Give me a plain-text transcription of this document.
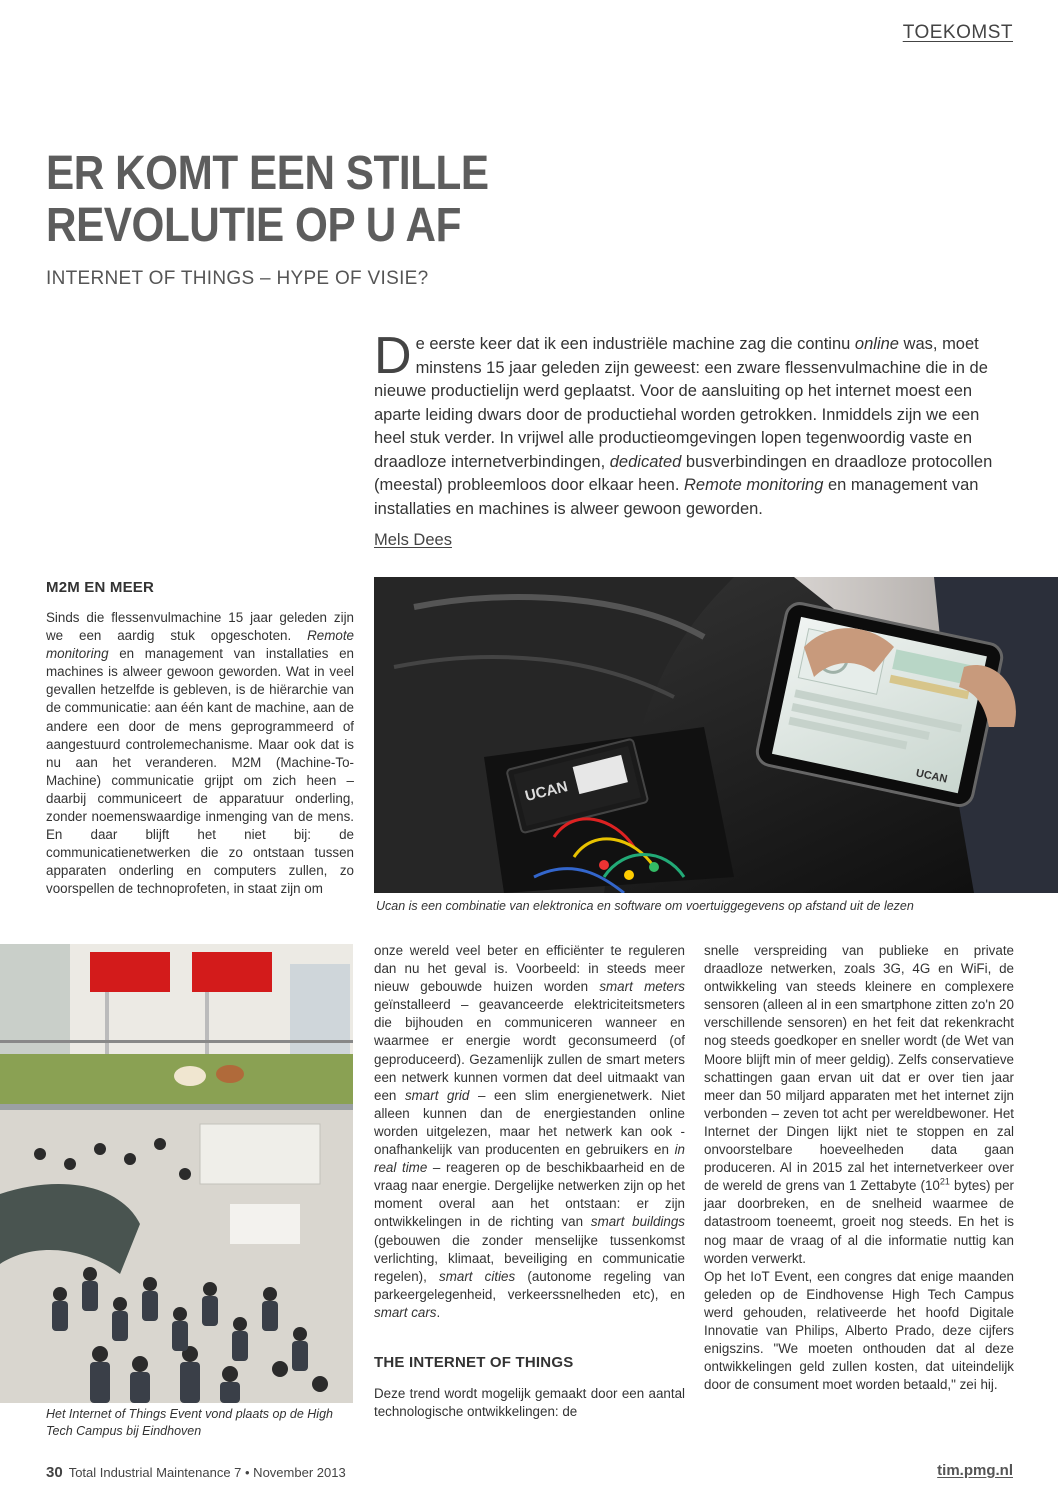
TOEKOMST
ER KOMT EEN STILLE
REVOLUTIE OP U AF
INTERNET OF THINGS – HYPE OF VISIE?

De eerste keer dat ik een industriële machine zag die continu online was, moet minstens 15 jaar geleden zijn geweest: een zware flessenvulmachine die in de nieuwe productielijn werd geplaatst. Voor de aansluiting op het internet moest een aparte leiding dwars door de productiehal worden getrokken. Inmiddels zijn we een heel stuk verder. In vrijwel alle productieomgevingen lopen tegenwoordig vaste en draadloze internetverbindingen, dedicated busverbindingen en draadloze protocollen (meestal) probleemloos door elkaar heen. Remote monitoring en management van installaties en machines is alweer gewoon geworden.

Mels Dees
M2M EN MEER

Sinds die flessenvulmachine 15 jaar geleden zijn we een aardig stuk opgeschoten. Remote monitoring en management van installaties en machines is alweer gewoon geworden. Wat in veel gevallen hetzelfde is gebleven, is de hiërarchie van de communicatie: aan één kant de machine, aan de andere een door de mens geprogrammeerd of aangestuurd controlemechanisme. Maar ook dat is nu aan het veranderen. M2M (Machine-To-Machine) communicatie grijpt om zich heen – daarbij communiceert de apparatuur onderling, zonder noemenswaardige inmenging van de mens. En daar blijft het niet bij: de communicatienetwerken die zo ontstaan tussen apparaten onderling en computers zullen, zo voorspellen de technoprofeten, in staat zijn om

UCAN
UCAN
Ucan is een combinatie van elektronica en software om voertuiggegevens op afstand uit de lezen
Het Internet of Things Event vond plaats op de High Tech Campus bij Eindhoven

onze wereld veel beter en efficiënter te reguleren dan nu het geval is. Voorbeeld: in steeds meer nieuw gebouwde huizen worden smart meters geïnstalleerd – geavanceerde elektriciteitsmeters die bijhouden en communiceren wanneer en waarmee er energie wordt geconsumeerd (of geproduceerd). Gezamenlijk zullen de smart meters een netwerk kunnen vormen dat deel uitmaakt van een smart grid – een slim energienetwerk. Niet alleen kunnen dan de energiestanden online worden uitgelezen, maar het netwerk kan ook - onafhankelijk van producenten en gebruikers en in real time – reageren op de beschikbaarheid en de vraag naar energie. Dergelijke netwerken zijn op het moment overal aan het ontstaan: er zijn ontwikkelingen in de richting van smart buildings (gebouwen die zonder menselijke tussenkomst verlichting, klimaat, beveiliging en communicatie regelen), smart cities (autonome regeling van parkeergelegenheid, verkeerssnelheden etc), en smart cars.

THE INTERNET OF THINGS

Deze trend wordt mogelijk gemaakt door een aantal technologische ontwikkelingen: de

snelle verspreiding van publieke en private draadloze netwerken, zoals 3G, 4G en WiFi, de ontwikkeling van steeds kleinere en complexere sensoren (alleen al in een smartphone zitten zo'n 20 verschillende sensoren) en het feit dat rekenkracht nog steeds goedkoper en sneller wordt (de Wet van Moore blijft min of meer geldig). Zelfs conservatieve schattingen gaan ervan uit dat er over tien jaar meer dan 50 miljard apparaten met het internet zijn verbonden – zeven tot acht per wereldbewoner. Het Internet der Dingen lijkt niet te stoppen en zal onvoorstelbare hoeveelheden data gaan produceren. Al in 2015 zal het internetverkeer over de wereld de grens van 1 Zettabyte ($10^{21}$ bytes) per jaar doorbreken, en de snelheid waarmee de datastroom toeneemt, groeit nog steeds. En het is nog maar de vraag of al die informatie nuttig kan worden verwerkt.

Op het IoT Event, een congres dat enige maanden geleden op de Eindhovense High Tech Campus werd gehouden, relativeerde het hoofd Digitale Innovatie van Philips, Alberto Prado, deze cijfers enigszins. "We moeten onthouden dat al deze ontwikkelingen geld zullen kosten, dat uiteindelijk door de consument moet worden betaald," zei hij.

30 Total Industrial Maintenance 7 • November 2013	tim.pmg.nl
